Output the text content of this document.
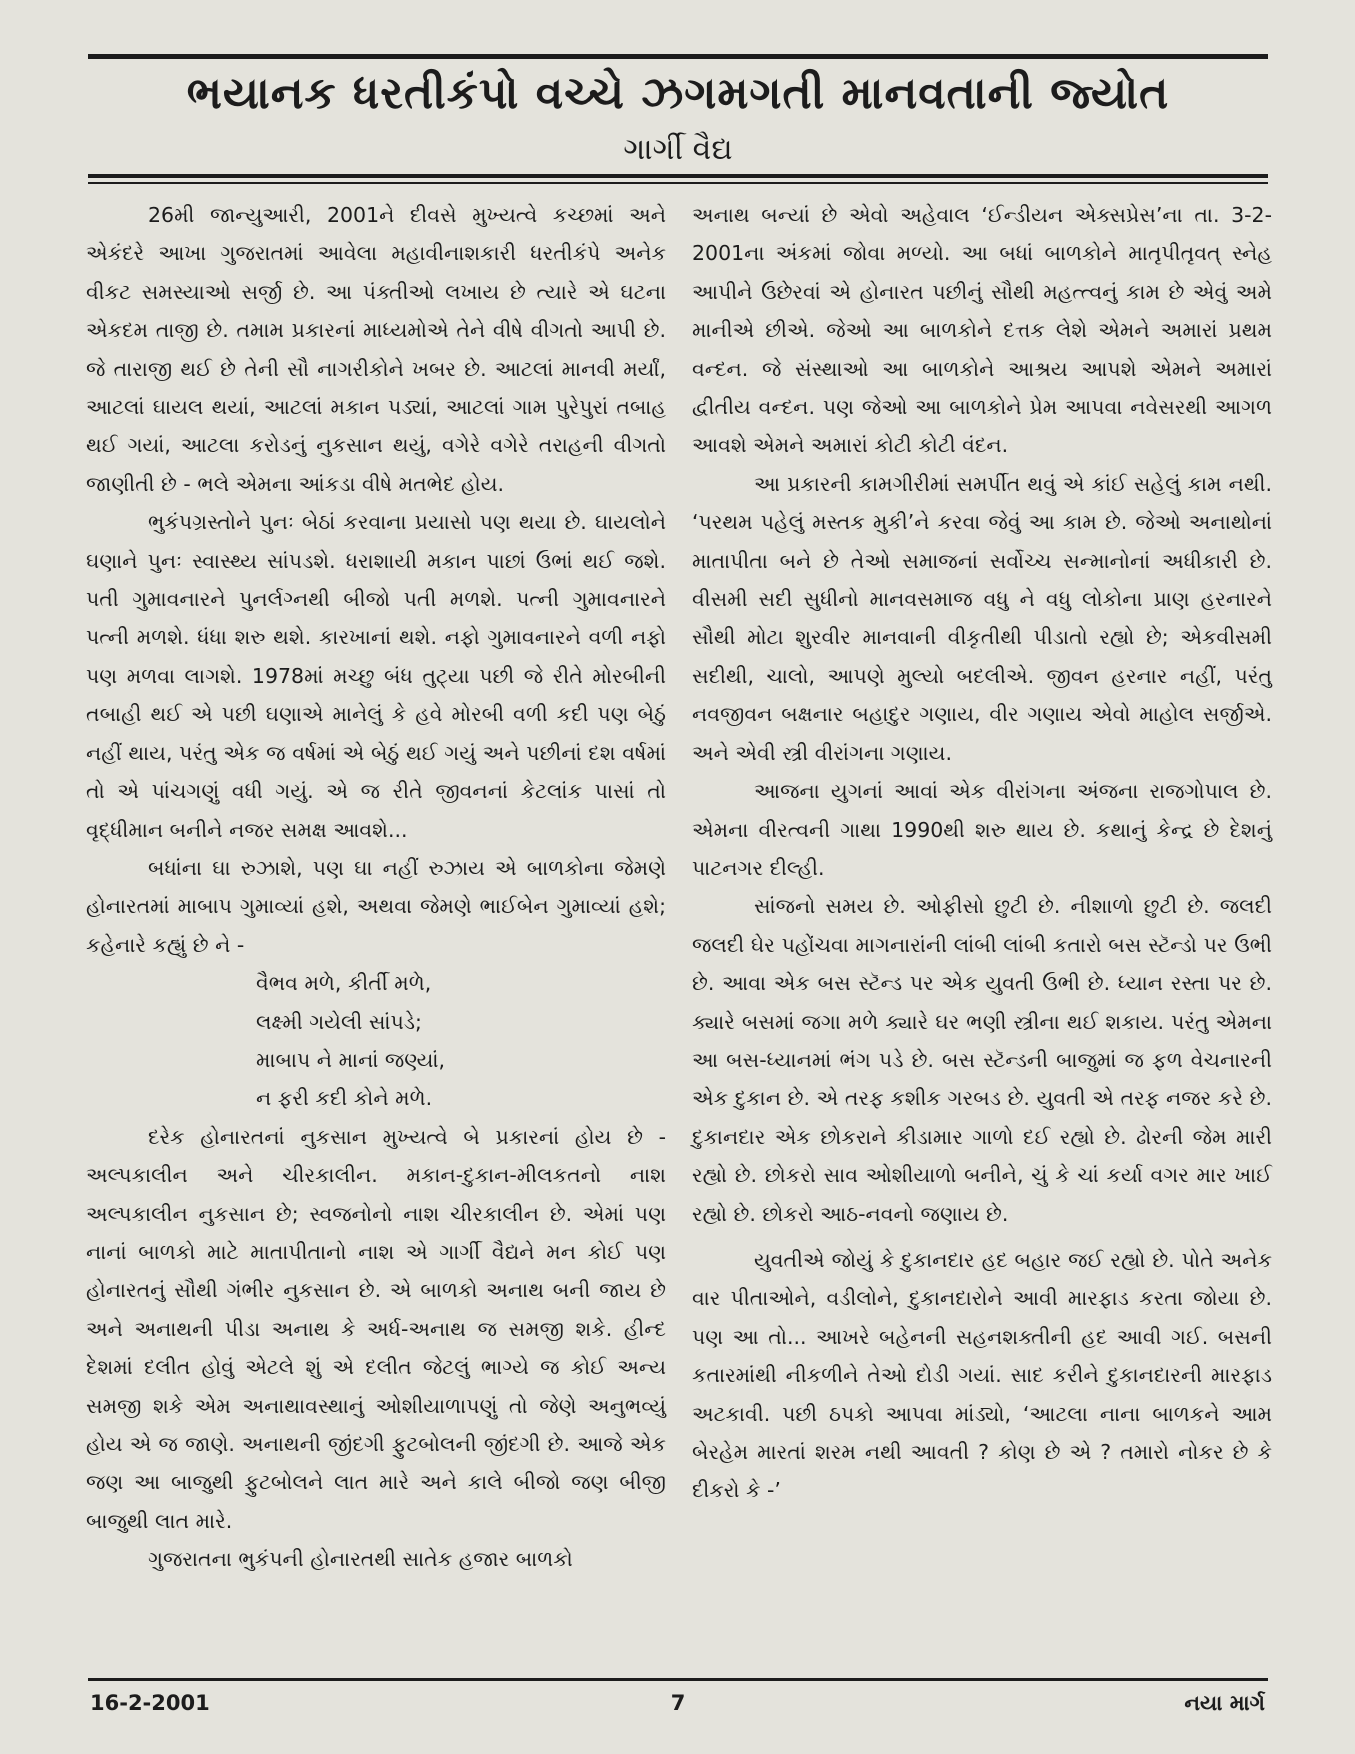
ભયાનક ધરતીકંપો વચ્ચે ઝગમગતી માનવતાની જ્યોત
ગાર્ગી વૈદ્ય

26મી જાન્યુઆરી, 2001ને દીવસે મુખ્યત્વે કચ્છમાં અને એકંદરે આખા ગુજરાતમાં આવેલા મહાવીનાશકારી ધરતીકંપે અનેક વીકટ સમસ્યાઓ સર્જી છે. આ પંક્તીઓ લખાય છે ત્યારે એ ઘટના એકદમ તાજી છે. તમામ પ્રકારનાં માધ્યમોએ તેને વીષે વીગતો આપી છે. જે તારાજી થઈ છે તેની સૌ નાગરીકોને ખબર છે. આટલાં માનવી મર્યાં, આટલાં ઘાયલ થયાં, આટલાં મકાન પડ્યાં, આટલાં ગામ પુરેપુરાં તબાહ થઈ ગયાં, આટલા કરોડનું નુકસાન થયું, વગેરે વગેરે તરાહની વીગતો જાણીતી છે - ભલે એમના આંકડા વીષે મતભેદ હોય.

ભુકંપગ્રસ્તોને પુનઃ બેઠાં કરવાના પ્રયાસો પણ થયા છે. ઘાયલોને ઘણાને પુનઃ સ્વાસ્થ્ય સાંપડશે. ધરાશાયી મકાન પાછાં ઉભાં થઈ જશે. પતી ગુમાવનારને પુનર્લગ્નથી બીજો પતી મળશે. પત્ની ગુમાવનારને પત્ની મળશે. ધંધા શરુ થશે. કારખાનાં થશે. નફો ગુમાવનારને વળી નફો પણ મળવા લાગશે. 1978માં મચ્છુ બંધ તુટ્યા પછી જે રીતે મોરબીની તબાહી થઈ એ પછી ઘણાએ માનેલું કે હવે મોરબી વળી કદી પણ બેઠું નહીં થાય, પરંતુ એક જ વર્ષમાં એ બેઠું થઈ ગયું અને પછીનાં દશ વર્ષમાં તો એ પાંચગણું વધી ગયું. એ જ રીતે જીવનનાં કેટલાંક પાસાં તો વૃદ્ધીમાન બનીને નજર સમક્ષ આવશે...

બધાંના ઘા રુઝાશે, પણ ઘા નહીં રુઝાય એ બાળકોના જેમણે હોનારતમાં માબાપ ગુમાવ્યાં હશે, અથવા જેમણે ભાઈબેન ગુમાવ્યાં હશે; કહેનારે કહ્યું છે ને -

વૈભવ મળે, કીર્તી મળે,
લક્ષ્મી ગયેલી સાંપડે;
માબાપ ને માનાં જણ્યાં,
ન ફરી કદી કોને મળે.

દરેક હોનારતનાં નુકસાન મુખ્યત્વે બે પ્રકારનાં હોય છે - અલ્પકાલીન અને ચીરકાલીન. મકાન-દુકાન-મીલકતનો નાશ અલ્પકાલીન નુકસાન છે; સ્વજનોનો નાશ ચીરકાલીન છે. એમાં પણ નાનાં બાળકો માટે માતાપીતાનો નાશ એ ગાર્ગી વૈદ્યને મન કોઈ પણ હોનારતનું સૌથી ગંભીર નુકસાન છે. એ બાળકો અનાથ બની જાય છે અને અનાથની પીડા અનાથ કે અર્ધ-અનાથ જ સમજી શકે. હીન્દ દેશમાં દલીત હોવું એટલે શું એ દલીત જેટલું ભાગ્યે જ કોઈ અન્ય સમજી શકે એમ અનાથાવસ્થાનું ઓશીયાળાપણું તો જેણે અનુભવ્યું હોય એ જ જાણે. અનાથની જીંદગી ફુટબોલની જીંદગી છે. આજે એક જણ આ બાજુથી ફુટબોલને લાત મારે અને કાલે બીજો જણ બીજી બાજુથી લાત મારે.

ગુજરાતના ભુકંપની હોનારતથી સાતેક હજાર બાળકો

અનાથ બન્યાં છે એવો અહેવાલ ‘ઈન્ડીયન એક્સપ્રેસ’ના તા. 3-2-2001ના અંકમાં જોવા મળ્યો. આ બધાં બાળકોને માતૃપીતૃવત્ સ્નેહ આપીને ઉછેરવાં એ હોનારત પછીનું સૌથી મહત્ત્વનું કામ છે એવું અમે માનીએ છીએ. જેઓ આ બાળકોને દત્તક લેશે એમને અમારાં પ્રથમ વન્દન. જે સંસ્થાઓ આ બાળકોને આશ્રય આપશે એમને અમારાં દ્વીતીય વન્દન. પણ જેઓ આ બાળકોને પ્રેમ આપવા નવેસરથી આગળ આવશે એમને અમારાં કોટી કોટી વંદન.

આ પ્રકારની કામગીરીમાં સમર્પીત થવું એ કાંઈ સહેલું કામ નથી. ‘પરથમ પહેલું મસ્તક મુકી’ને કરવા જેવું આ કામ છે. જેઓ અનાથોનાં માતાપીતા બને છે તેઓ સમાજનાં સર્વોચ્ચ સન્માનોનાં અધીકારી છે. વીસમી સદી સુધીનો માનવસમાજ વધુ ને વધુ લોકોના પ્રાણ હરનારને સૌથી મોટા શુરવીર માનવાની વીકૃતીથી પીડાતો રહ્યો છે; એકવીસમી સદીથી, ચાલો, આપણે મુલ્યો બદલીએ. જીવન હરનાર નહીં, પરંતુ નવજીવન બક્ષનાર બહાદુર ગણાય, વીર ગણાય એવો માહોલ સર્જીએ. અને એવી સ્ત્રી વીરાંગના ગણાય.

આજના યુગનાં આવાં એક વીરાંગના અંજના રાજગોપાલ છે. એમના વીરત્વની ગાથા 1990થી શરુ થાય છે. કથાનું કેન્દ્ર છે દેશનું પાટનગર દીલ્હી.

સાંજનો સમય છે. ઓફીસો છુટી છે. નીશાળો છુટી છે. જલદી જલદી ઘેર પહોંચવા માગનારાંની લાંબી લાંબી કતારો બસ સ્ટૅન્ડો પર ઉભી છે. આવા એક બસ સ્ટૅન્ડ પર એક યુવતી ઉભી છે. ધ્યાન રસ્તા પર છે. ક્યારે બસમાં જગા મળે ક્યારે ઘર ભણી સ્ત્રીના થઈ શકાય. પરંતુ એમના આ બસ-ધ્યાનમાં ભંગ પડે છે. બસ સ્ટૅન્ડની બાજુમાં જ ફળ વેચનારની એક દુકાન છે. એ તરફ કશીક ગરબડ છે. યુવતી એ તરફ નજર કરે છે. દુકાનદાર એક છોકરાને કીડામાર ગાળો દઈ રહ્યો છે. ઢોરની જેમ મારી રહ્યો છે. છોકરો સાવ ઓશીયાળો બનીને, ચું કે ચાં કર્યા વગર માર ખાઈ રહ્યો છે. છોકરો આઠ-નવનો જણાય છે.

યુવતીએ જોયું કે દુકાનદાર હદ બહાર જઈ રહ્યો છે. પોતે અનેક વાર પીતાઓને, વડીલોને, દુકાનદારોને આવી મારફાડ કરતા જોયા છે. પણ આ તો... આખરે બહેનની સહનશક્તીની હદ આવી ગઈ. બસની કતારમાંથી નીકળીને તેઓ દોડી ગયાં. સાદ કરીને દુકાનદારની મારફાડ અટકાવી. પછી ઠપકો આપવા માંડ્યો, ‘આટલા નાના બાળકને આમ બેરહેમ મારતાં શરમ નથી આવતી ? કોણ છે એ ? તમારો નોકર છે કે દીકરો કે -’

16-2-2001	7	નયા માર્ગ
